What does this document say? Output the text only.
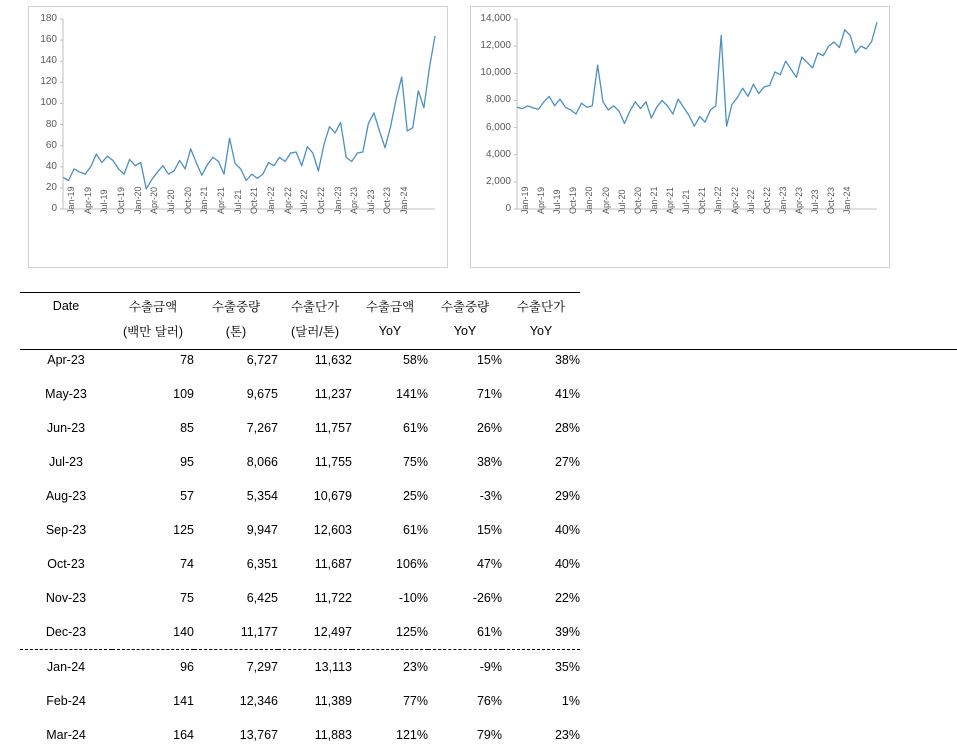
0
20
40
60
80
100
120
140
160
180
Jan-19 Apr-19 Jul-19 Oct-19 Jan-20 Apr-20 Jul-20 Oct-20 Jan-21 Apr-21 Jul-21 Oct-21 Jan-22 Apr-22 Jul-22 Oct-22 Jan-23 Apr-23 Jul-23 Oct-23 Jan-24	0
2,000
4,000
6,000
8,000
10,000
12,000
14,000
Jan-19 Apr-19 Jul-19 Oct-19 Jan-20 Apr-20 Jul-20 Oct-20 Jan-21 Apr-21 Jul-21 Oct-21 Jan-22 Apr-22 Jul-22 Oct-22 Jan-23 Apr-23 Jul-23 Oct-23 Jan-24
Date	수출금액	수출중량	수출단가	수출금액	수출중량	수출단가
	(백만 달러)	(톤)	(달러/톤)	YoY	YoY	YoY
Apr-23	78	6,727	11,632	58%	15%	38%
May-23	109	9,675	11,237	141%	71%	41%
Jun-23	85	7,267	11,757	61%	26%	28%
Jul-23	95	8,066	11,755	75%	38%	27%
Aug-23	57	5,354	10,679	25%	-3%	29%
Sep-23	125	9,947	12,603	61%	15%	40%
Oct-23	74	6,351	11,687	106%	47%	40%
Nov-23	75	6,425	11,722	-10%	-26%	22%
Dec-23	140	11,177	12,497	125%	61%	39%
Jan-24	96	7,297	13,113	23%	-9%	35%
Feb-24	141	12,346	11,389	77%	76%	1%
Mar-24	164	13,767	11,883	121%	79%	23%
